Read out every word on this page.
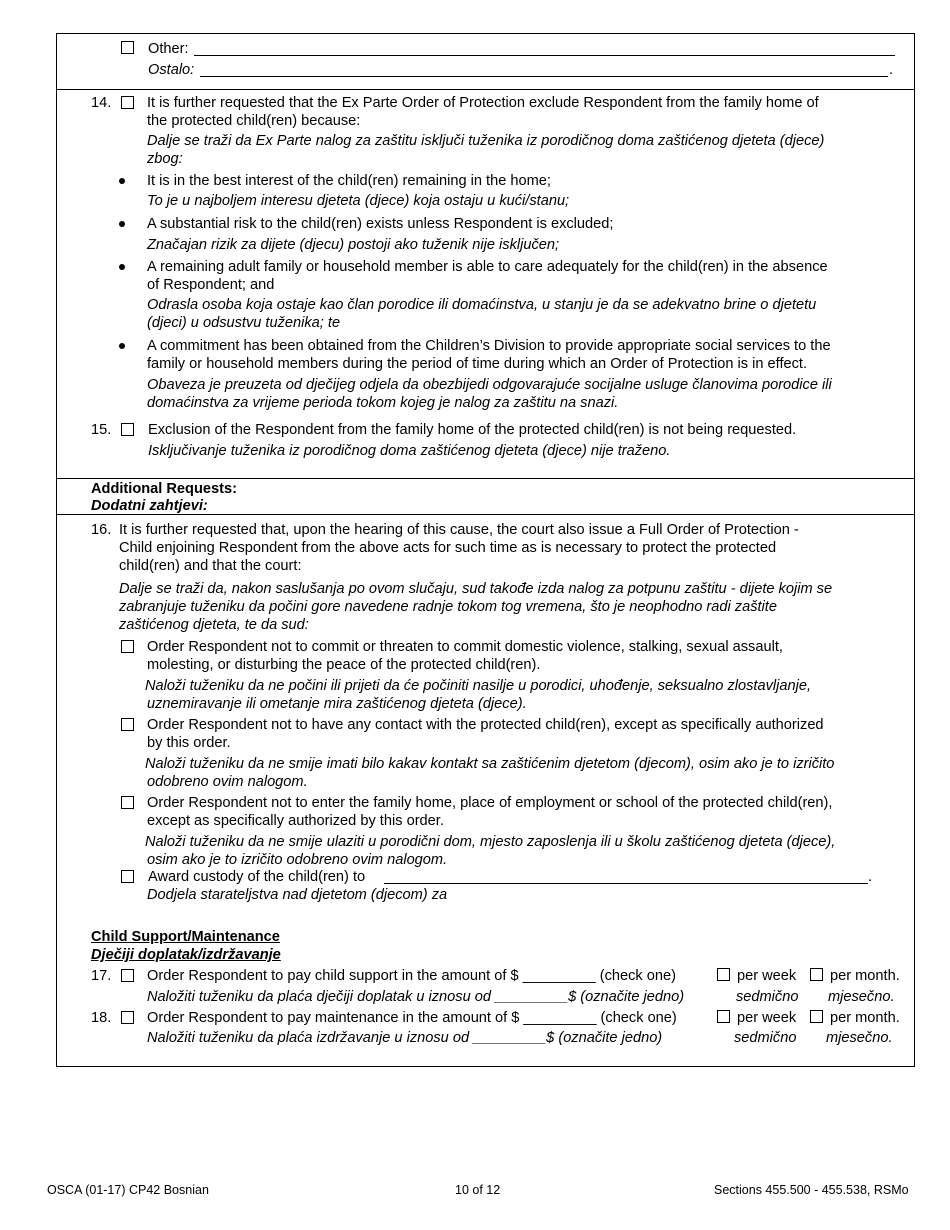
Other:
Ostalo:	.
14. It is further requested that the Ex Parte Order of Protection exclude Respondent from the family home of
the protected child(ren) because:
Dalje se traži da Ex Parte nalog za zaštitu isključi tuženika iz porodičnog doma zaštićenog djeteta (djece)
zbog:
It is in the best interest of the child(ren) remaining in the home;
To je u najboljem interesu djeteta (djece) koja ostaju u kući/stanu;
A substantial risk to the child(ren) exists unless Respondent is excluded;
Značajan rizik za dijete (djecu) postoji ako tuženik nije isključen;
A remaining adult family or household member is able to care adequately for the child(ren) in the absence
of Respondent; and
Odrasla osoba koja ostaje kao član porodice ili domaćinstva, u stanju je da se adekvatno brine o djetetu
(djeci) u odsustvu tuženika; te
A commitment has been obtained from the Children’s Division to provide appropriate social services to the
family or household members during the period of time during which an Order of Protection is in effect.
Obaveza je preuzeta od dječijeg odjela da obezbijedi odgovarajuće socijalne usluge članovima porodice ili
domaćinstva za vrijeme perioda tokom kojeg je nalog za zaštitu na snazi.
15.	Exclusion of the Respondent from the family home of the protected child(ren) is not being requested.
Isključivanje tuženika iz porodičnog doma zaštićenog djeteta (djece) nije traženo.
Additional Requests:
Dodatni zahtjevi:
16. It is further requested that, upon the hearing of this cause, the court also issue a Full Order of Protection -
Child enjoining Respondent from the above acts for such time as is necessary to protect the protected
child(ren) and that the court:
Dalje se traži da, nakon saslušanja po ovom slučaju, sud takođe izda nalog za potpunu zaštitu - dijete kojim se
zabranjuje tuženiku da počini gore navedene radnje tokom tog vremena, što je neophodno radi zaštite
zaštićenog djeteta, te da sud:
Order Respondent not to commit or threaten to commit domestic violence, stalking, sexual assault,
molesting, or disturbing the peace of the protected child(ren).
Naloži tuženiku da ne počini ili prijeti da će počiniti nasilje u porodici, uhođenje, seksualno zlostavljanje,
uznemiravanje ili ometanje mira zaštićenog djeteta (djece).
Order Respondent not to have any contact with the protected child(ren), except as specifically authorized
by this order.
Naloži tuženiku da ne smije imati bilo kakav kontakt sa zaštićenim djetetom (djecom), osim ako je to izričito
odobreno ovim nalogom.
Order Respondent not to enter the family home, place of employment or school of the protected child(ren),
except as specifically authorized by this order.
Naloži tuženiku da ne smije ulaziti u porodični dom, mjesto zaposlenja ili u školu zaštićenog djeteta (djece),
osim ako je to izričito odobreno ovim nalogom.
Award custody of the child(ren) to	.
Dodjela starateljstva nad djetetom (djecom) za
Child Support/Maintenance
Dječiji doplatak/izdržavanje
17. Order Respondent to pay child support in the amount of $ _________ (check one)	per week per month.
Naložiti tuženiku da plaća dječiji doplatak u iznosu od _________$ (označite jedno)	sedmično mjesečno.
18. Order Respondent to pay maintenance in the amount of $ _________ (check one)	per week per month.
Naložiti tuženiku da plaća izdržavanje u iznosu od _________$ (označite jedno)	sedmično mjesečno.
OSCA (01-17) CP42 Bosnian	10 of 12	Sections 455.500 - 455.538, RSMo
